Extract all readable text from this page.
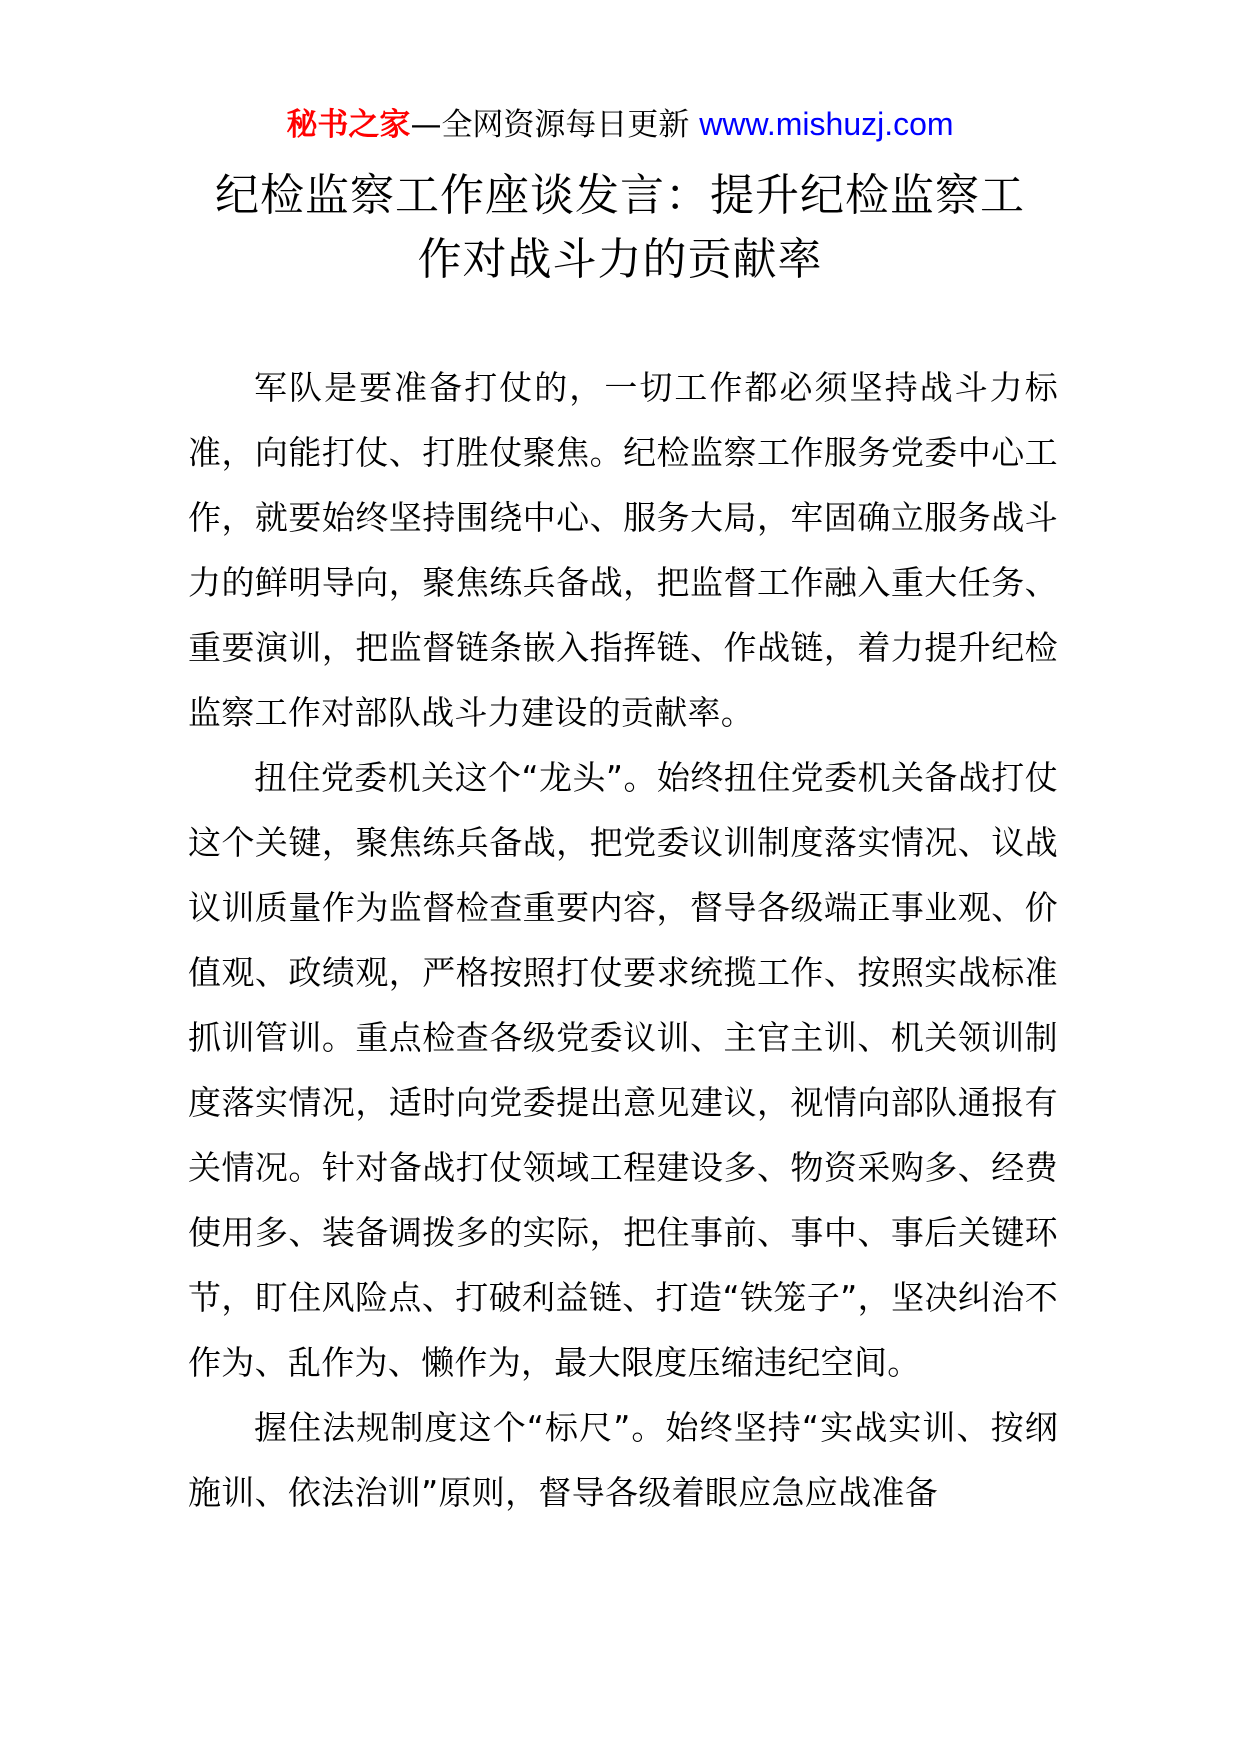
秘书之家—全网资源每日更新 www.mishuzj.com
纪检监察工作座谈发言：提升纪检监察工
作对战斗力的贡献率

军队是要准备打仗的，一切工作都必须坚持战斗力标准，向能打仗、打胜仗聚焦。纪检监察工作服务党委中心工作，就要始终坚持围绕中心、服务大局，牢固确立服务战斗力的鲜明导向，聚焦练兵备战，把监督工作融入重大任务、重要演训，把监督链条嵌入指挥链、作战链，着力提升纪检监察工作对部队战斗力建设的贡献率。

扭住党委机关这个“龙头”。始终扭住党委机关备战打仗这个关键，聚焦练兵备战，把党委议训制度落实情况、议战议训质量作为监督检查重要内容，督导各级端正事业观、价值观、政绩观，严格按照打仗要求统揽工作、按照实战标准抓训管训。重点检查各级党委议训、主官主训、机关领训制度落实情况，适时向党委提出意见建议，视情向部队通报有关情况。针对备战打仗领域工程建设多、物资采购多、经费使用多、装备调拨多的实际，把住事前、事中、事后关键环节，盯住风险点、打破利益链、打造“铁笼子”，坚决纠治不作为、乱作为、懒作为，最大限度压缩违纪空间。

握住法规制度这个“标尺”。始终坚持“实战实训、按纲施训、依法治训”原则，督导各级着眼应急应战准备
